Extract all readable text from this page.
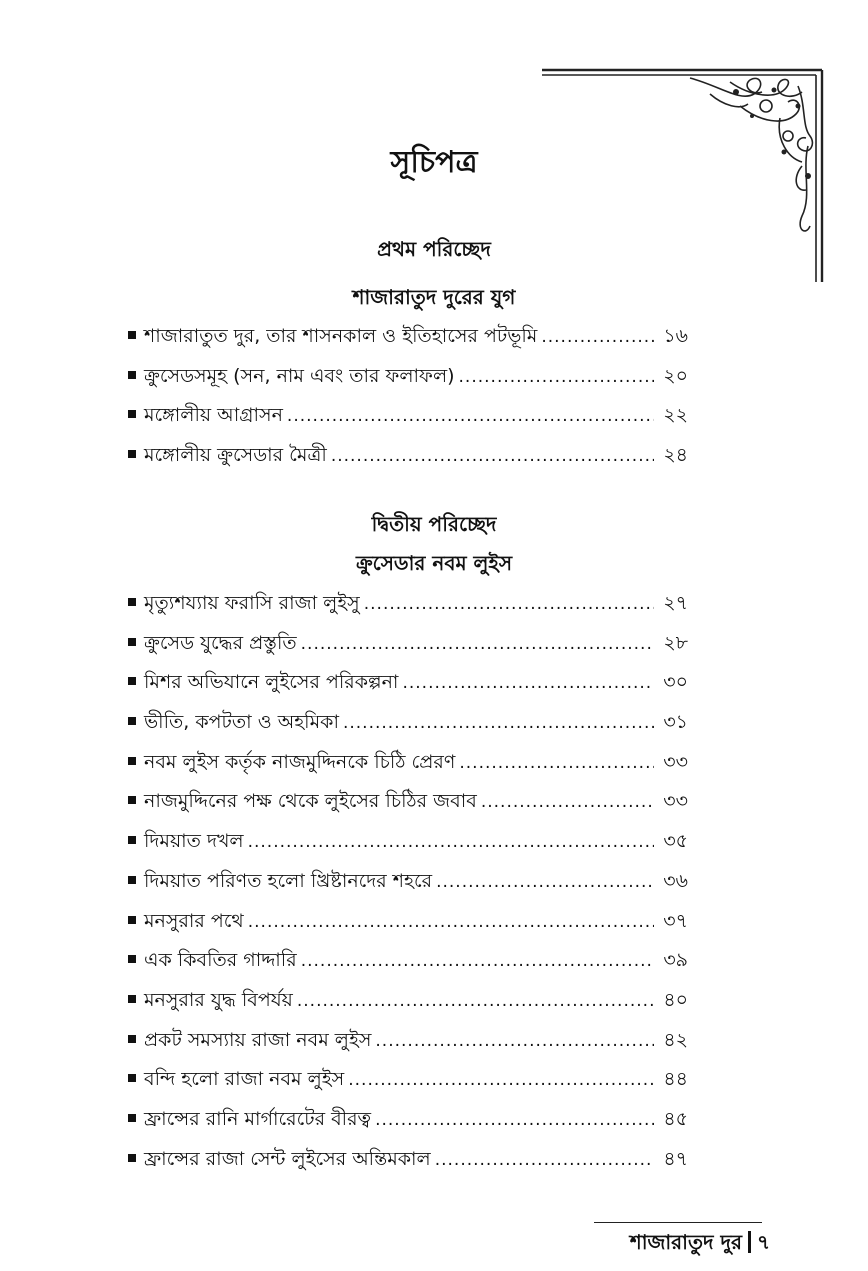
সূচিপত্র
প্রথম পরিচ্ছেদ
শাজারাতুদ দুরের যুগ
শাজারাতুত দুর, তার শাসনকাল ও ইতিহাসের পটভূমি .....	১৬
ক্রুসেডসমূহ (সন, নাম এবং তার ফলাফল) .....	২০
মঙ্গোলীয় আগ্রাসন .....	২২
মঙ্গোলীয় ক্রুসেডার মৈত্রী .....	২৪
দ্বিতীয় পরিচ্ছেদ
ক্রুসেডার নবম লুইস
মৃত্যুশয্যায় ফরাসি রাজা লুইসু .....	২৭
ক্রুসেড যুদ্ধের প্রস্তুতি .....	২৮
মিশর অভিযানে লুইসের পরিকল্পনা .....	৩০
ভীতি, কপটতা ও অহমিকা .....	৩১
নবম লুইস কর্তৃক নাজমুদ্দিনকে চিঠি প্রেরণ .....	৩৩
নাজমুদ্দিনের পক্ষ থেকে লুইসের চিঠির জবাব .....	৩৩
দিময়াত দখল .....	৩৫
দিময়াত পরিণত হলো খ্রিষ্টানদের শহরে .....	৩৬
মনসুরার পথে .....	৩৭
এক কিবতির গাদ্দারি .....	৩৯
মনসুরার যুদ্ধ বিপর্যয় .....	৪০
প্রকট সমস্যায় রাজা নবম লুইস .....	৪২
বন্দি হলো রাজা নবম লুইস .....	৪৪
ফ্রান্সের রানি মার্গারেটের বীরত্ব .....	৪৫
ফ্রান্সের রাজা সেন্ট লুইসের অন্তিমকাল .....	৪৭
শাজারাতুদ দুর ৭
